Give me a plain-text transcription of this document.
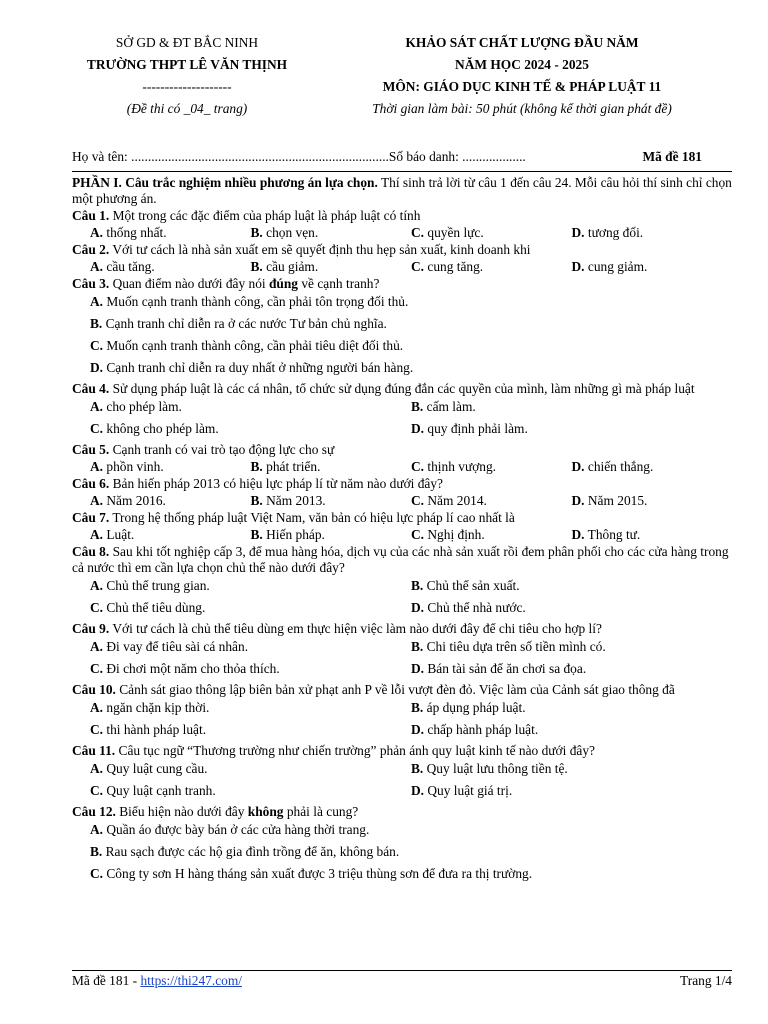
SỞ GD & ĐT BẮC NINH
TRƯỜNG THPT LÊ VĂN THỊNH
--------------------
(Đề thi có _04_ trang)
KHẢO SÁT CHẤT LƯỢNG ĐẦU NĂM
NĂM HỌC 2024 - 2025
MÔN: GIÁO DỤC KINH TẾ & PHÁP LUẬT 11
Thời gian làm bài: 50 phút (không kể thời gian phát đề)
Họ và tên: ............................................................................. Số báo danh: ...................	Mã đề 181
PHẦN I. Câu trắc nghiệm nhiều phương án lựa chọn. Thí sinh trả lời từ câu 1 đến câu 24. Mỗi câu hỏi thí sinh chỉ chọn một phương án.
Câu 1. Một trong các đặc điểm của pháp luật là pháp luật có tính
A. thống nhất.	B. chọn vẹn.	C. quyền lực.	D. tương đối.
Câu 2. Với tư cách là nhà sản xuất em sẽ quyết định thu hẹp sản xuất, kinh doanh khi
A. cầu tăng.	B. cầu giảm.	C. cung tăng.	D. cung giảm.
Câu 3. Quan điểm nào dưới đây nói đúng về cạnh tranh?
A. Muốn cạnh tranh thành công, cần phải tôn trọng đối thủ.
B. Cạnh tranh chỉ diễn ra ở các nước Tư bản chủ nghĩa.
C. Muốn cạnh tranh thành công, cần phải tiêu diệt đối thủ.
D. Cạnh tranh chỉ diễn ra duy nhất ở những người bán hàng.
Câu 4. Sử dụng pháp luật là các cá nhân, tổ chức sử dụng đúng đắn các quyền của mình, làm những gì mà pháp luật
A. cho phép làm.	B. cấm làm.
C. không cho phép làm.	D. quy định phải làm.
Câu 5. Cạnh tranh có vai trò tạo động lực cho sự
A. phồn vinh.	B. phát triển.	C. thịnh vượng.	D. chiến thắng.
Câu 6. Bản hiến pháp 2013 có hiệu lực pháp lí từ năm nào dưới đây?
A. Năm 2016.	B. Năm 2013.	C. Năm 2014.	D. Năm 2015.
Câu 7. Trong hệ thống pháp luật Việt Nam, văn bản có hiệu lực pháp lí cao nhất là
A. Luật.	B. Hiến pháp.	C. Nghị định.	D. Thông tư.
Câu 8. Sau khi tốt nghiệp cấp 3, để mua hàng hóa, dịch vụ của các nhà sản xuất rồi đem phân phối cho các cửa hàng trong cả nước thì em cần lựa chọn chủ thể nào dưới đây?
A. Chủ thể trung gian.	B. Chủ thể sản xuất.
C. Chủ thể tiêu dùng.	D. Chủ thể nhà nước.
Câu 9. Với tư cách là chủ thể tiêu dùng em thực hiện việc làm nào dưới đây để chi tiêu cho hợp lí?
A. Đi vay để tiêu sài cá nhân.	B. Chi tiêu dựa trên số tiền mình có.
C. Đi chơi một năm cho thỏa thích.	D. Bán tài sản để ăn chơi sa đọa.
Câu 10. Cảnh sát giao thông lập biên bản xử phạt anh P về lỗi vượt đèn đỏ. Việc làm của Cảnh sát giao thông đã
A. ngăn chặn kịp thời.	B. áp dụng pháp luật.
C. thi hành pháp luật.	D. chấp hành pháp luật.
Câu 11. Câu tục ngữ “Thương trường như chiến trường” phản ánh quy luật kinh tế nào dưới đây?
A. Quy luật cung cầu.	B. Quy luật lưu thông tiền tệ.
C. Quy luật cạnh tranh.	D. Quy luật giá trị.
Câu 12. Biểu hiện nào dưới đây không phải là cung?
A. Quần áo được bày bán ở các cửa hàng thời trang.
B. Rau sạch được các hộ gia đình trồng để ăn, không bán.
C. Công ty sơn H hàng tháng sản xuất được 3 triệu thùng sơn để đưa ra thị trường.
Mã đề 181 - https://thi247.com/	Trang 1/4
